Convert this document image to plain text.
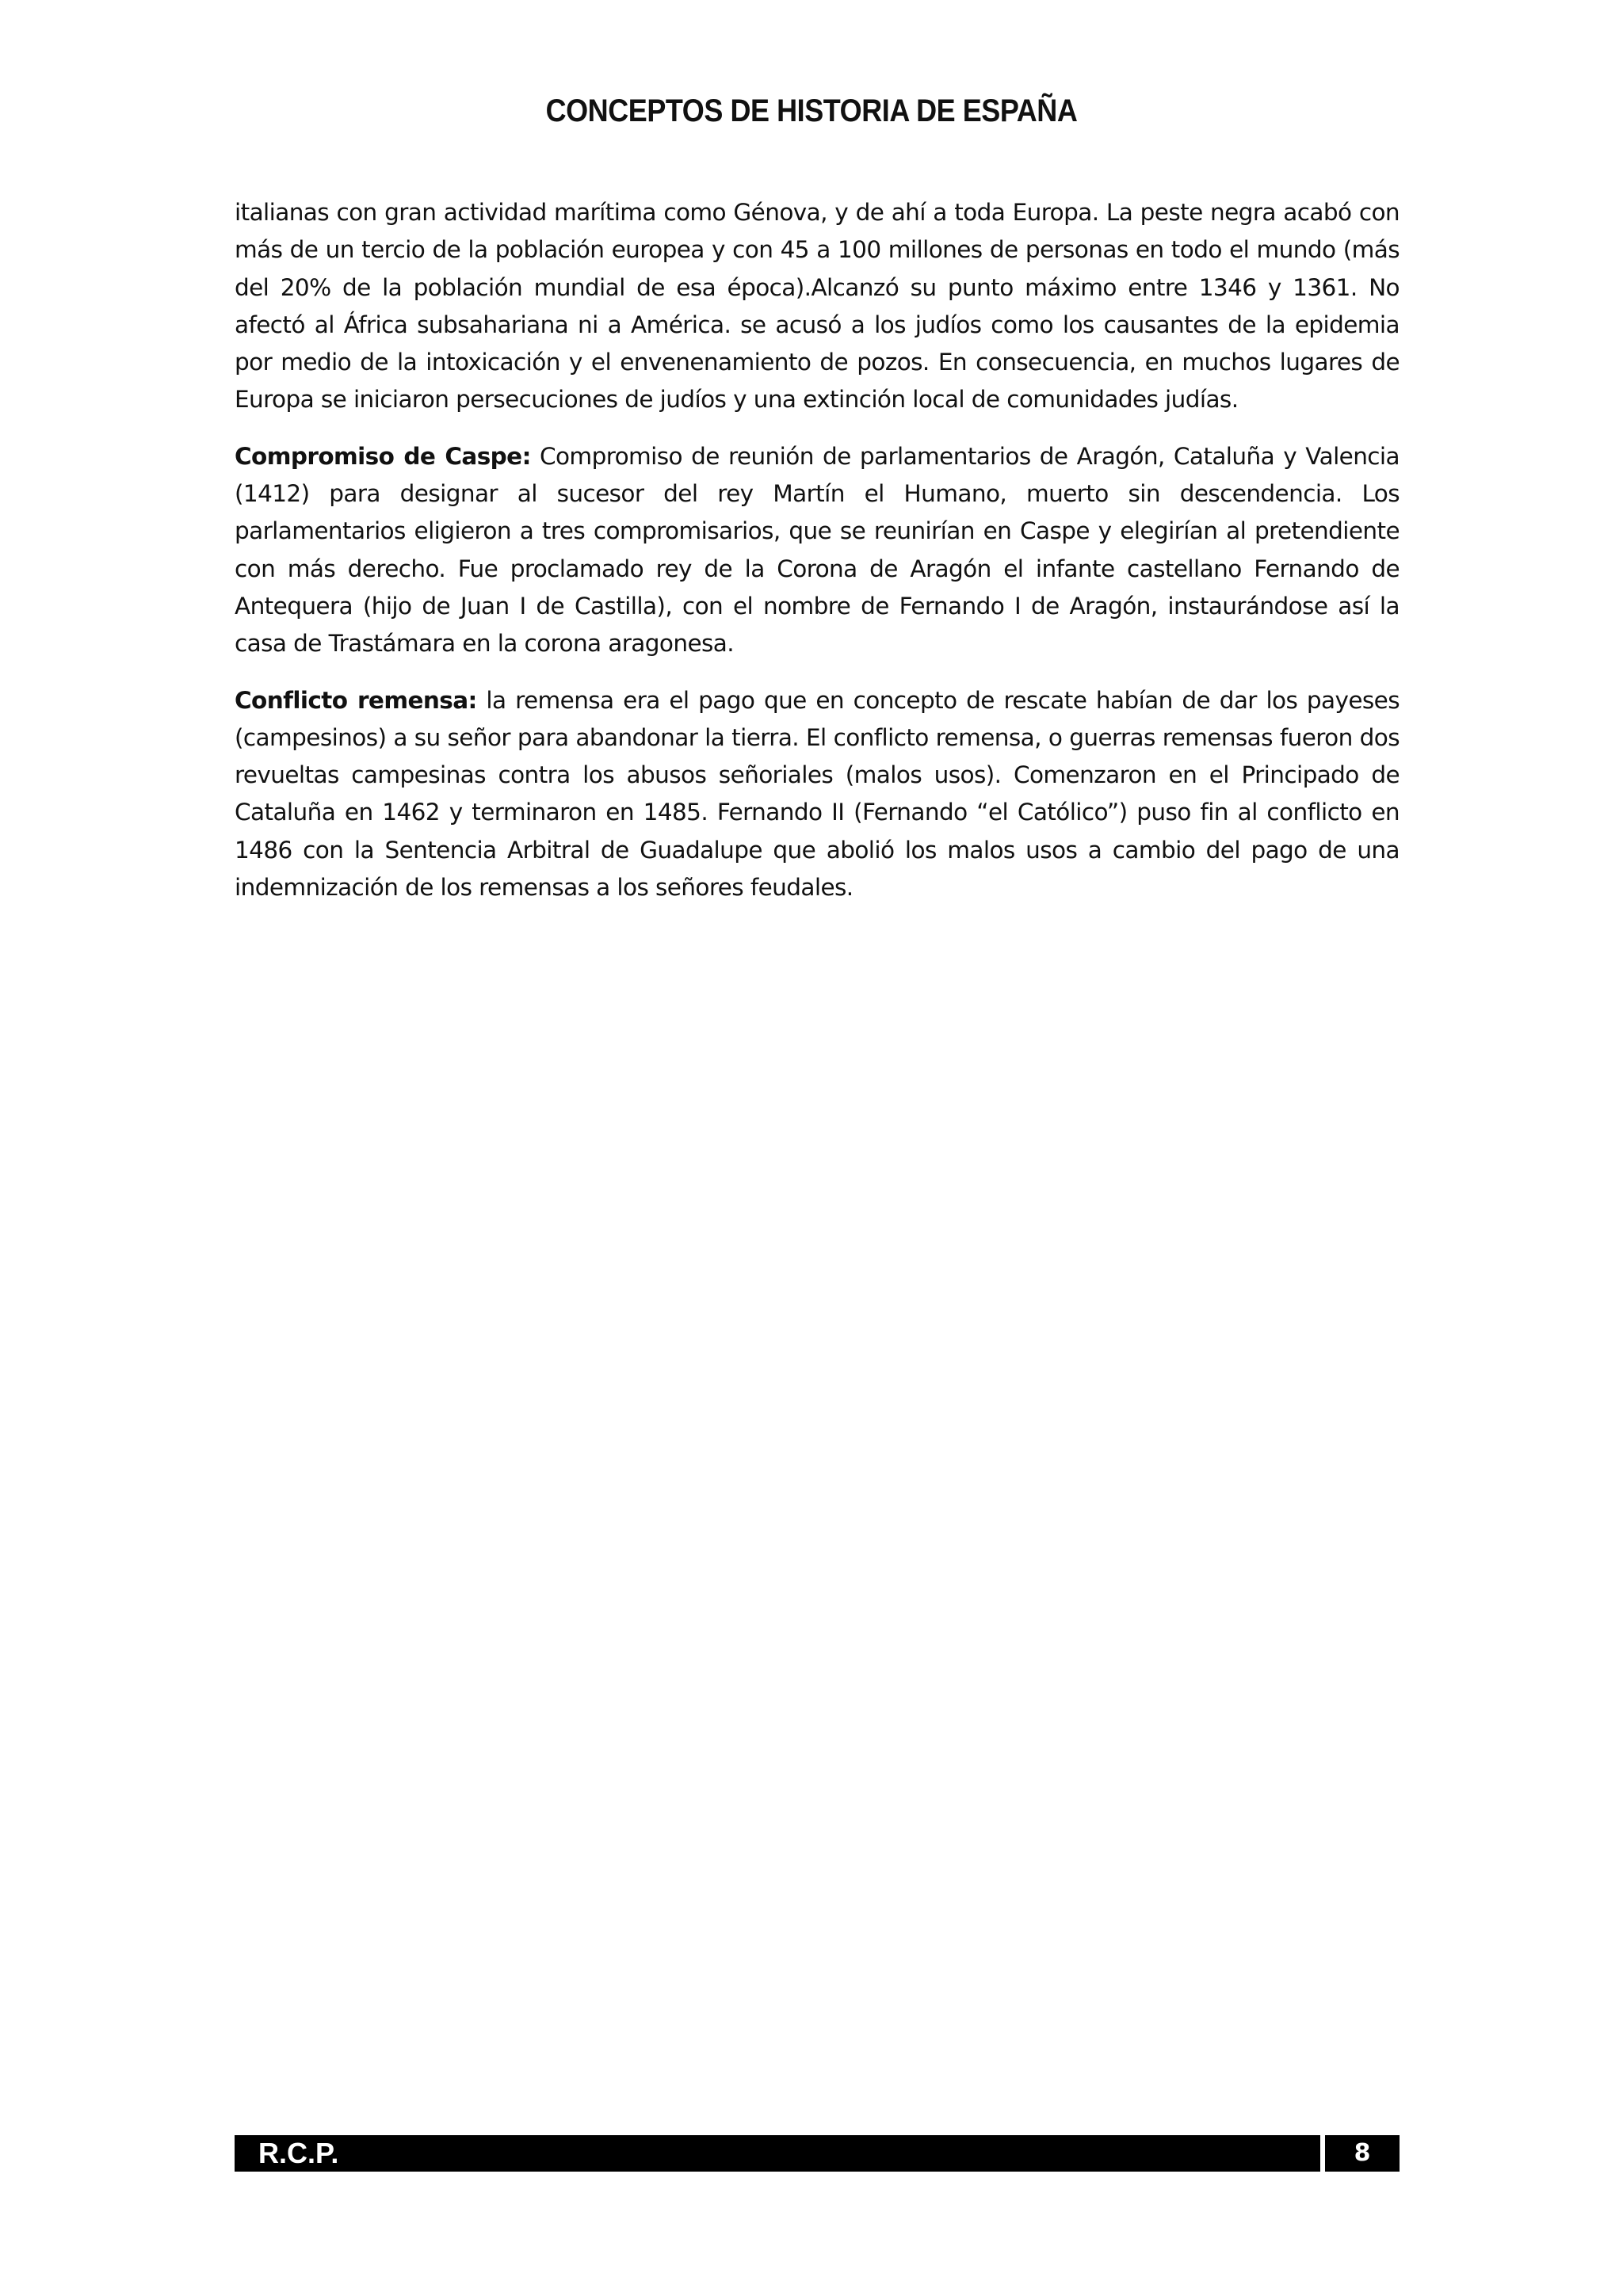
CONCEPTOS DE HISTORIA DE ESPAÑA

italianas con gran actividad marítima como Génova, y de ahí a toda Europa. La peste negra acabó con más de un tercio de la población europea y con 45 a 100 millones de personas en todo el mundo (más del 20% de la población mundial de esa época).Alcanzó su punto máximo entre 1346 y 1361. No afectó al África subsahariana ni a América. se acusó a los judíos como los causantes de la epidemia por medio de la intoxicación y el envenenamiento de pozos. En consecuencia, en muchos lugares de Europa se iniciaron persecuciones de judíos y una extinción local de comunidades judías.

Compromiso de Caspe: Compromiso de reunión de parlamentarios de Aragón, Cataluña y Valencia (1412) para designar al sucesor del rey Martín el Humano, muerto sin descendencia. Los parlamentarios eligieron a tres compromisarios, que se reunirían en Caspe y elegirían al pretendiente con más derecho. Fue proclamado rey de la Corona de Aragón el infante castellano Fernando de Antequera (hijo de Juan I de Castilla), con el nombre de Fernando I de Aragón, instaurándose así la casa de Trastámara en la corona aragonesa.

Conflicto remensa: la remensa era el pago que en concepto de rescate habían de dar los payeses (campesinos) a su señor para abandonar la tierra. El conflicto remensa, o guerras remensas fueron dos revueltas campesinas contra los abusos señoriales (malos usos). Comenzaron en el Principado de Cataluña en 1462 y terminaron en 1485. Fernando II (Fernando “el Católico”) puso fin al conflicto en 1486 con la Sentencia Arbitral de Guadalupe que abolió los malos usos a cambio del pago de una indemnización de los remensas a los señores feudales.

R.C.P.	8
